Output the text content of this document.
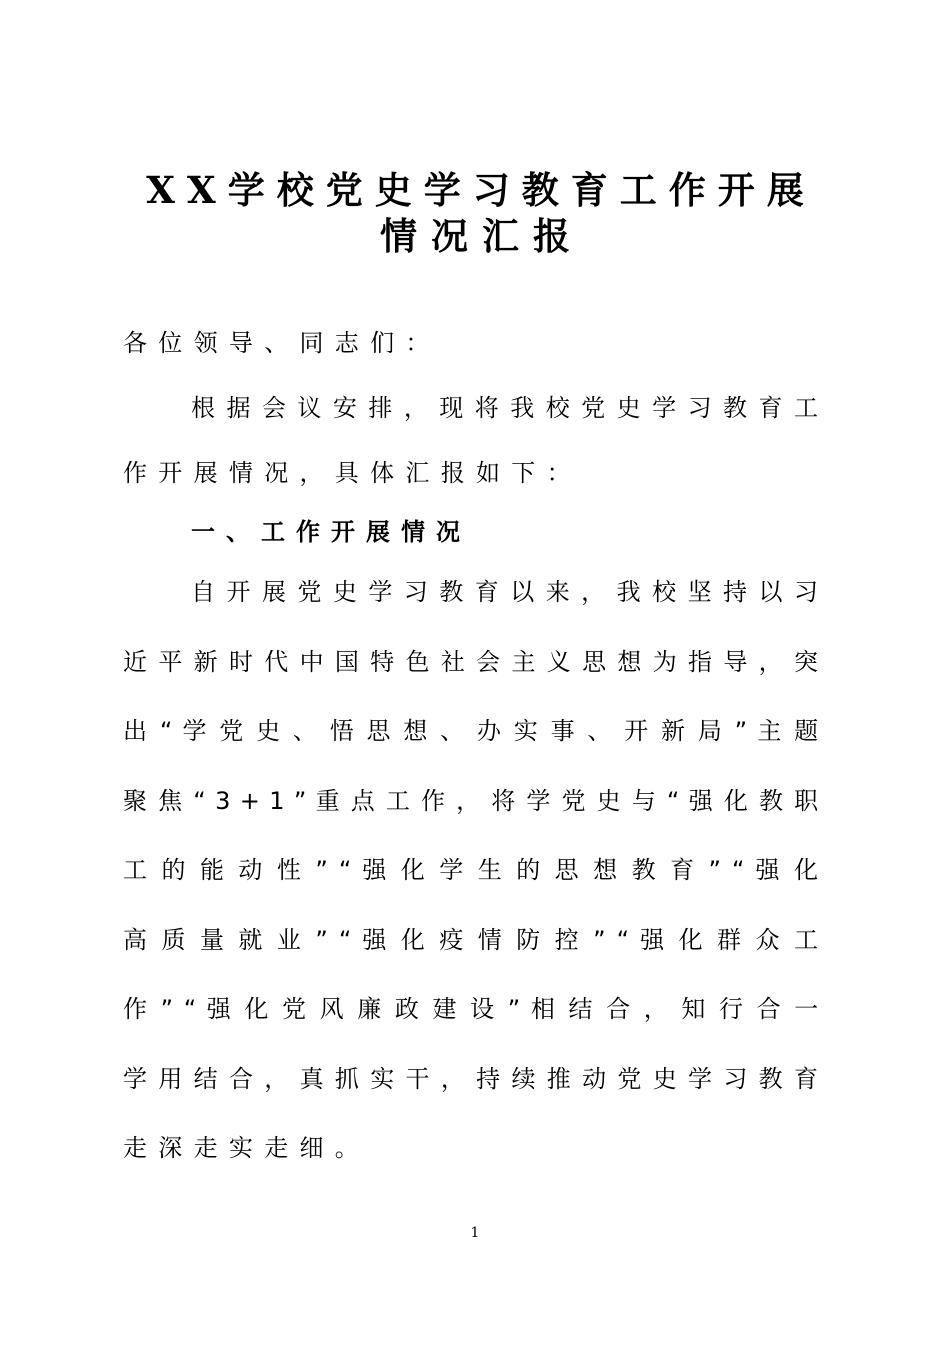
XX学校党史学习教育工作开展
情况汇报
各位领导、同志们：
根 据 会 议 安 排 ， 现 将 我 校 党 史 学 习 教 育 工
作开展情况，具体汇报如下：
一、工作开展情况
自 开 展 党 史 学 习 教 育 以 来 ， 我 校 坚 持 以 习
近 平 新 时 代 中 国 特 色 社 会 主 义 思 想 为 指 导 ， 突
出 “ 学 党 史 、 悟 思 想 、 办 实 事 、 开 新 局 ” 主 题
聚 焦 “ 3 + 1 ” 重 点 工 作 ， 将 学 党 史 与 “ 强 化 教 职
工 的 能 动 性 ” “ 强 化 学 生 的 思 想 教 育 ” “ 强 化
高 质 量 就 业 ” “ 强 化 疫 情 防 控 ” “ 强 化 群 众 工
作 ” “ 强 化 党 风 廉 政 建 设 ” 相 结 合 ， 知 行 合 一
学 用 结 合 ， 真 抓 实 干 ， 持 续 推 动 党 史 学 习 教 育
走深走实走细。
1
